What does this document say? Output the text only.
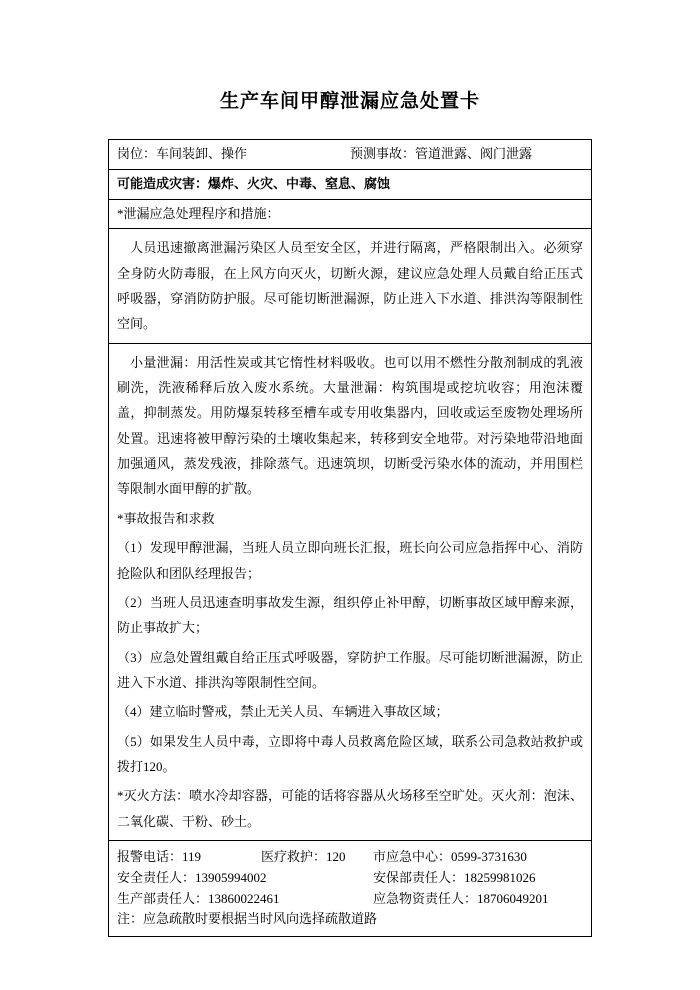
生产车间甲醇泄漏应急处置卡
岗位：车间装卸、操作	预测事故：管道泄露、阀门泄露
可能造成灾害：爆炸、火灾、中毒、窒息、腐蚀
*泄漏应急处理程序和措施：
人员迅速撤离泄漏污染区人员至安全区，并进行隔离，严格限制出入。必须穿全身防火防毒服，在上风方向灭火，切断火源，建议应急处理人员戴自给正压式呼吸器，穿消防防护服。尽可能切断泄漏源，防止进入下水道、排洪沟等限制性空间。
小量泄漏：用活性炭或其它惰性材料吸收。也可以用不燃性分散剂制成的乳液刷洗，洗液稀释后放入废水系统。大量泄漏：构筑围堤或挖坑收容；用泡沫覆盖，抑制蒸发。用防爆泵转移至槽车或专用收集器内，回收或运至废物处理场所处置。迅速将被甲醇污染的土壤收集起来，转移到安全地带。对污染地带沿地面加强通风，蒸发残液，排除蒸气。迅速筑坝，切断受污染水体的流动，并用围栏等限制水面甲醇的扩散。
*事故报告和求救
（1）发现甲醇泄漏，当班人员立即向班长汇报，班长向公司应急指挥中心、消防抢险队和团队经理报告；
（2）当班人员迅速查明事故发生源，组织停止补甲醇，切断事故区域甲醇来源，防止事故扩大；
（3）应急处置组戴自给正压式呼吸器，穿防护工作服。尽可能切断泄漏源，防止进入下水道、排洪沟等限制性空间。
（4）建立临时警戒，禁止无关人员、车辆进入事故区域；
（5）如果发生人员中毒，立即将中毒人员救离危险区域，联系公司急救站救护或拨打120。
*灭火方法：喷水冷却容器，可能的话将容器从火场移至空旷处。灭火剂：泡沫、二氧化碳、干粉、砂土。
报警电话：119	医疗救护：120	市应急中心：0599-3731630
安全责任人：13905994002	安保部责任人：18259981026
生产部责任人：13860022461	应急物资责任人：18706049201
注：应急疏散时要根据当时风向选择疏散道路
